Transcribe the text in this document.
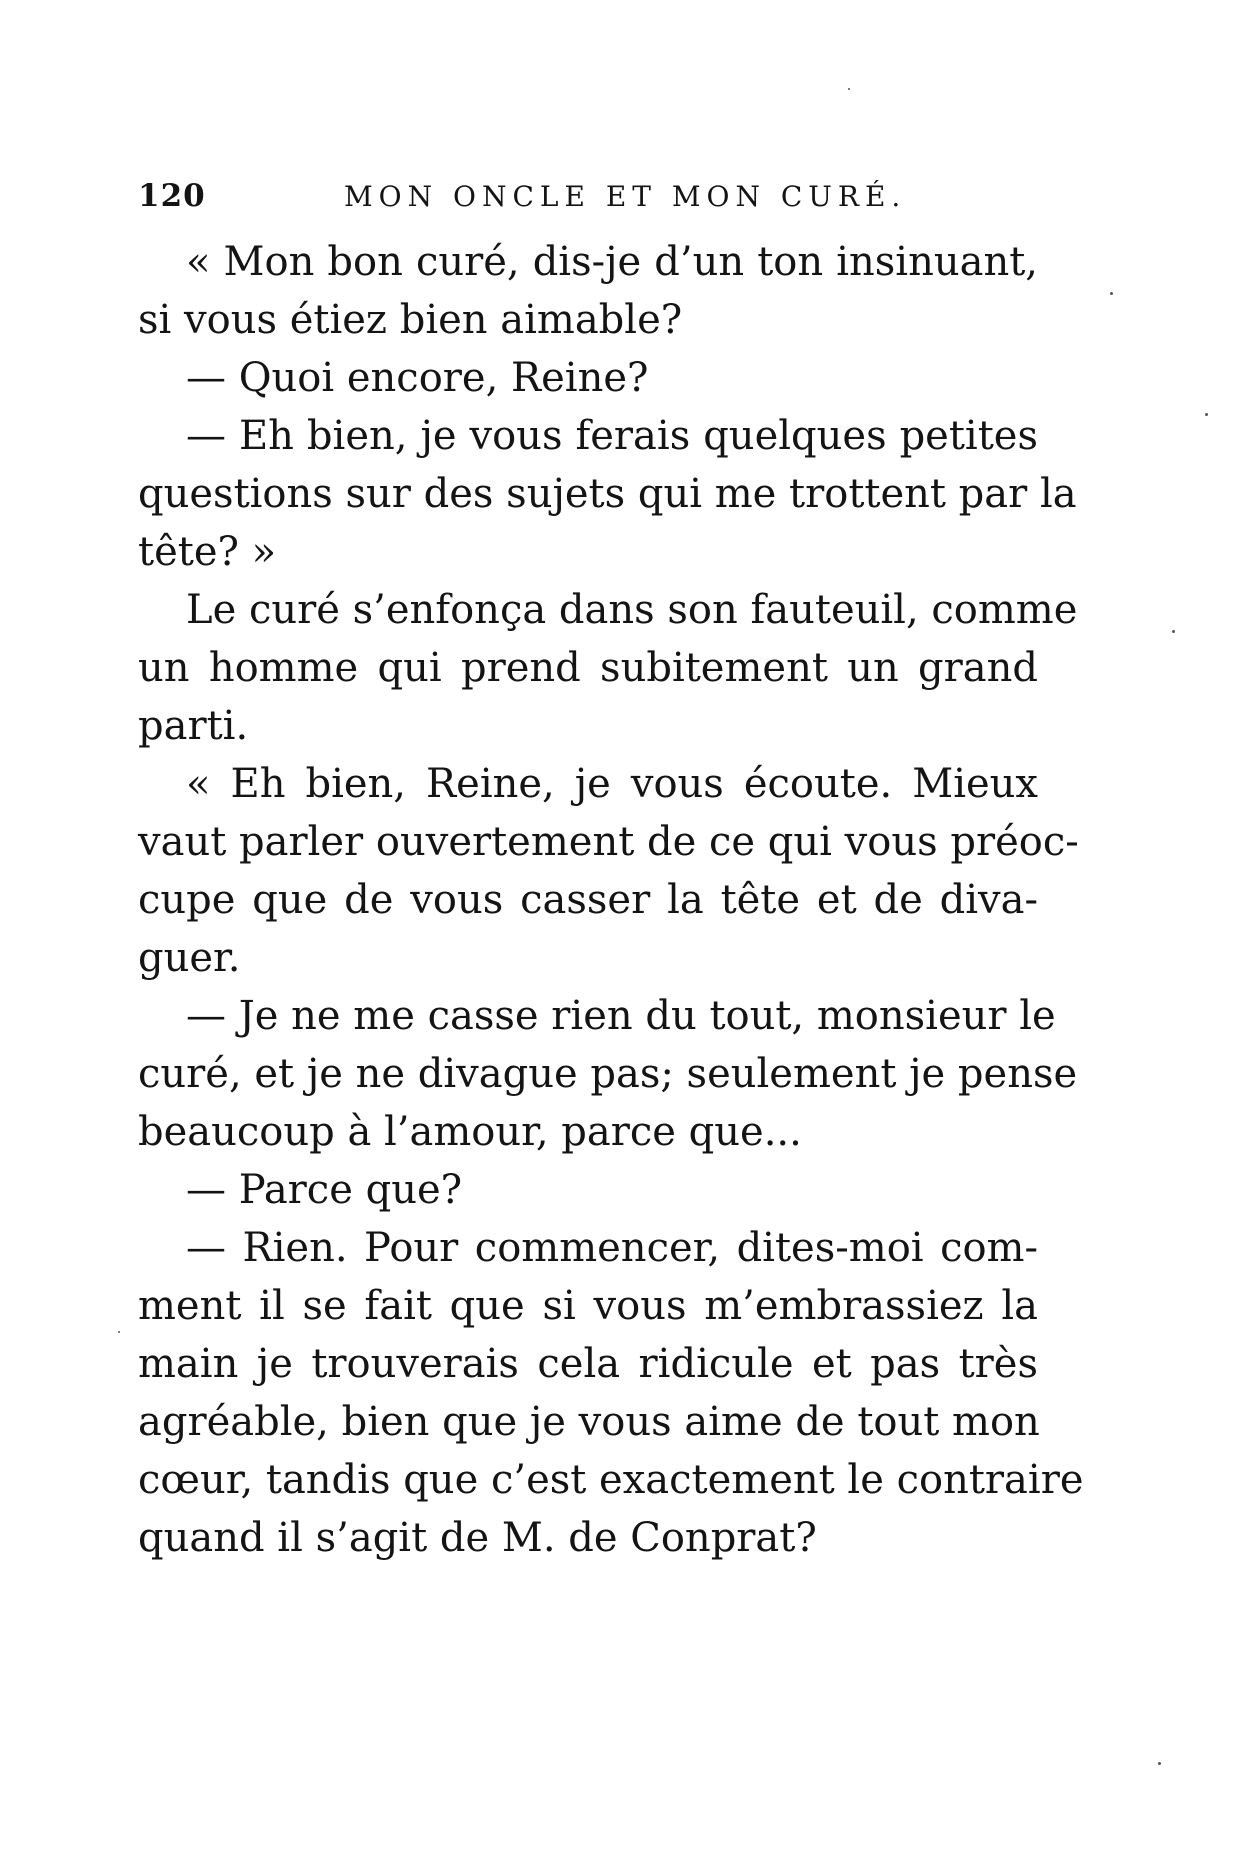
120	MON ONCLE ET MON CURÉ.
« Mon bon curé, dis-je d’un ton insinuant,
si vous étiez bien aimable?
— Quoi encore, Reine?
— Eh bien, je vous ferais quelques petites
questions sur des sujets qui me trottent par la
tête? »
Le curé s’enfonça dans son fauteuil, comme
un homme qui prend subitement un grand
parti.
« Eh bien, Reine, je vous écoute. Mieux
vaut parler ouvertement de ce qui vous préoc-
cupe que de vous casser la tête et de diva-
guer.
— Je ne me casse rien du tout, monsieur le
curé, et je ne divague pas; seulement je pense
beaucoup à l’amour, parce que...
— Parce que?
— Rien. Pour commencer, dites-moi com-
ment il se fait que si vous m’embrassiez la
main je trouverais cela ridicule et pas très
agréable, bien que je vous aime de tout mon
cœur, tandis que c’est exactement le contraire
quand il s’agit de M. de Conprat?
